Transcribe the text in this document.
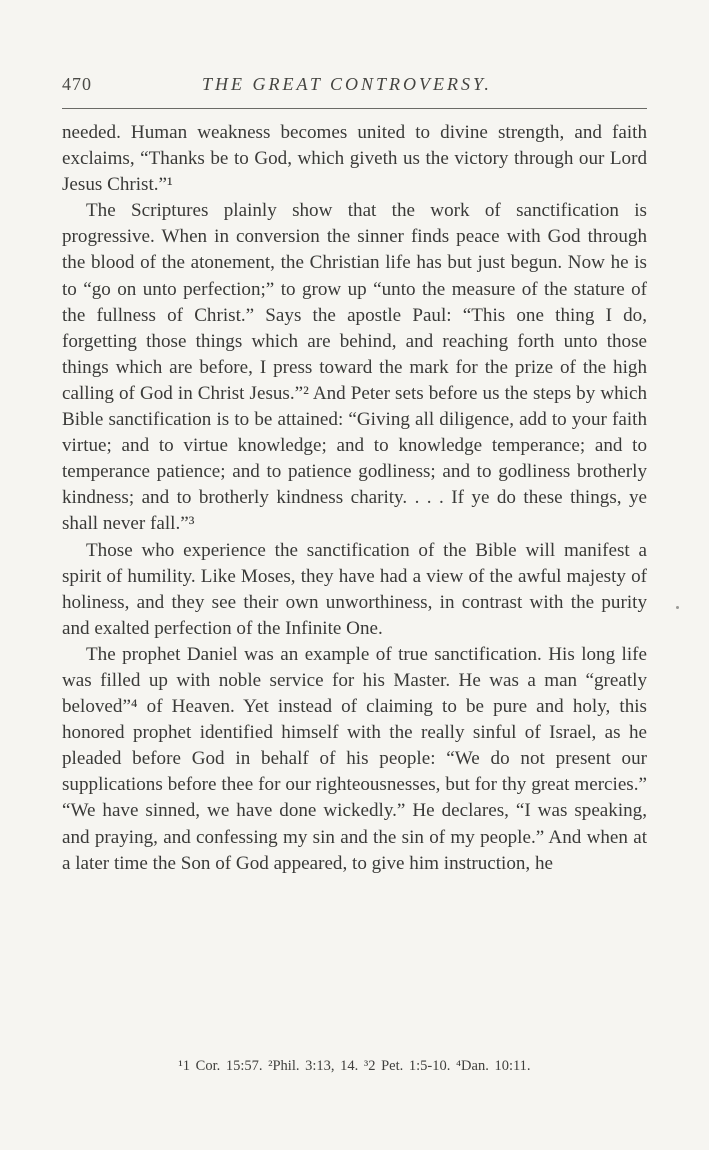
470	THE GREAT CONTROVERSY.

needed. Human weakness becomes united to divine strength, and faith exclaims, “Thanks be to God, which giveth us the victory through our Lord Jesus Christ.”¹

The Scriptures plainly show that the work of sanctification is progressive. When in conversion the sinner finds peace with God through the blood of the atonement, the Christian life has but just begun. Now he is to “go on unto perfection;” to grow up “unto the measure of the stature of the fullness of Christ.” Says the apostle Paul: “This one thing I do, forgetting those things which are behind, and reaching forth unto those things which are before, I press toward the mark for the prize of the high calling of God in Christ Jesus.”² And Peter sets before us the steps by which Bible sanctification is to be attained: “Giving all diligence, add to your faith virtue; and to virtue knowledge; and to knowledge temperance; and to temperance patience; and to patience godliness; and to godliness brotherly kindness; and to brotherly kindness charity. . . . If ye do these things, ye shall never fall.”³

Those who experience the sanctification of the Bible will manifest a spirit of humility. Like Moses, they have had a view of the awful majesty of holiness, and they see their own unworthiness, in contrast with the purity and exalted perfection of the Infinite One.

The prophet Daniel was an example of true sanctification. His long life was filled up with noble service for his Master. He was a man “greatly beloved”⁴ of Heaven. Yet instead of claiming to be pure and holy, this honored prophet identified himself with the really sinful of Israel, as he pleaded before God in behalf of his people: “We do not present our supplications before thee for our righteousnesses, but for thy great mercies.” “We have sinned, we have done wickedly.” He declares, “I was speaking, and praying, and confessing my sin and the sin of my people.” And when at a later time the Son of God appeared, to give him instruction, he

¹1 Cor. 15:57. ²Phil. 3:13, 14. ³2 Pet. 1:5-10. ⁴Dan. 10:11.
